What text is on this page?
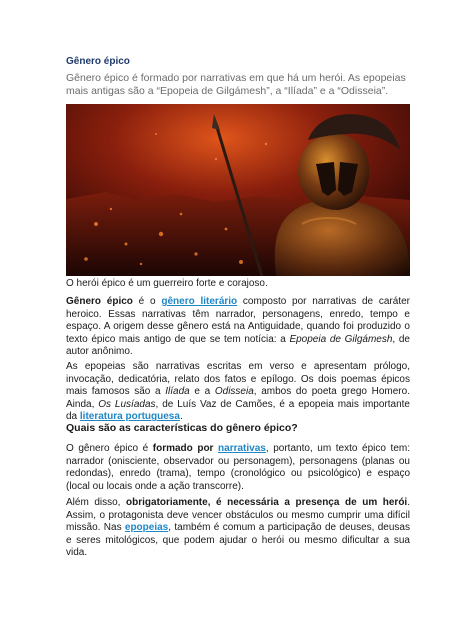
Gênero épico

Gênero épico é formado por narrativas em que há um herói. As epopeias mais antigas são a “Epopeia de Gilgámesh”, a “Ilíada” e a “Odisseia”.

O herói épico é um guerreiro forte e corajoso.

Gênero épico é o gênero literário composto por narrativas de caráter heroico. Essas narrativas têm narrador, personagens, enredo, tempo e espaço. A origem desse gênero está na Antiguidade, quando foi produzido o texto épico mais antigo de que se tem notícia: a Epopeia de Gilgámesh, de autor anônimo.

As epopeias são narrativas escritas em verso e apresentam prólogo, invocação, dedicatória, relato dos fatos e epílogo. Os dois poemas épicos mais famosos são a Ilíada e a Odisseia, ambos do poeta grego Homero. Ainda, Os Lusíadas, de Luís Vaz de Camões, é a epopeia mais importante da literatura portuguesa.

Quais são as características do gênero épico?

O gênero épico é formado por narrativas, portanto, um texto épico tem: narrador (onisciente, observador ou personagem), personagens (planas ou redondas), enredo (trama), tempo (cronológico ou psicológico) e espaço (local ou locais onde a ação transcorre).

Além disso, obrigatoriamente, é necessária a presença de um herói. Assim, o protagonista deve vencer obstáculos ou mesmo cumprir uma difícil missão. Nas epopeias, também é comum a participação de deuses, deusas e seres mitológicos, que podem ajudar o herói ou mesmo dificultar a sua vida.
